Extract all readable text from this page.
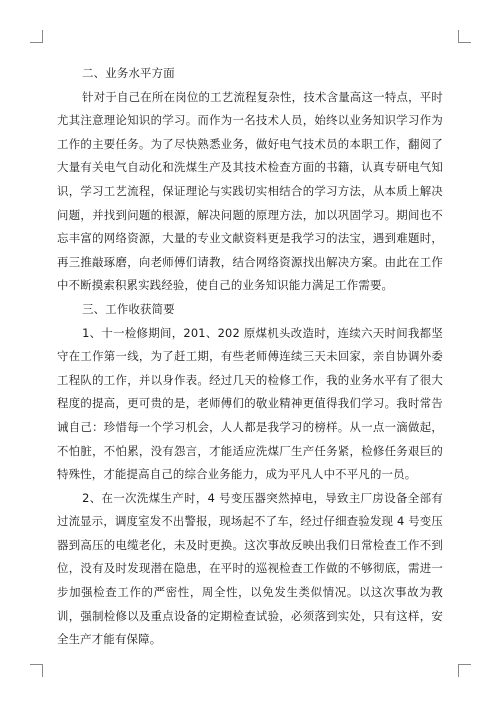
二、业务水平方面

针对于自己在所在岗位的工艺流程复杂性，技术含量高这一特点，平时尤其注意理论知识的学习。而作为一名技术人员，始终以业务知识学习作为工作的主要任务。为了尽快熟悉业务，做好电气技术员的本职工作，翻阅了大量有关电气自动化和洗煤生产及其技术检查方面的书籍，认真专研电气知识，学习工艺流程，保证理论与实践切实相结合的学习方法，从本质上解决问题，并找到问题的根源，解决问题的原理方法，加以巩固学习。期间也不忘丰富的网络资源，大量的专业文献资料更是我学习的法宝，遇到难题时，再三推敲琢磨，向老师傅们请教，结合网络资源找出解决方案。由此在工作中不断摸索积累实践经验，使自己的业务知识能力满足工作需要。

三、工作收获简要

1、十一检修期间，201、202 原煤机头改造时，连续六天时间我都坚守在工作第一线，为了赶工期，有些老师傅连续三天未回家，亲自协调外委工程队的工作，并以身作表。经过几天的检修工作，我的业务水平有了很大程度的提高，更可贵的是，老师傅们的敬业精神更值得我们学习。我时常告诫自己：珍惜每一个学习机会，人人都是我学习的榜样。从一点一滴做起，不怕脏，不怕累，没有怨言，才能适应洗煤厂生产任务紧，检修任务艰巨的特殊性，才能提高自己的综合业务能力，成为平凡人中不平凡的一员。

2、在一次洗煤生产时，4 号变压器突然掉电，导致主厂房设备全部有过流显示，调度室发不出警报，现场起不了车，经过仔细查验发现 4 号变压器到高压的电缆老化，未及时更换。这次事故反映出我们日常检查工作不到位，没有及时发现潜在隐患，在平时的巡视检查工作做的不够彻底，需进一步加强检查工作的严密性，周全性，以免发生类似情况。以这次事故为教训，强制检修以及重点设备的定期检查试验，必须落到实处，只有这样，安全生产才能有保障。
